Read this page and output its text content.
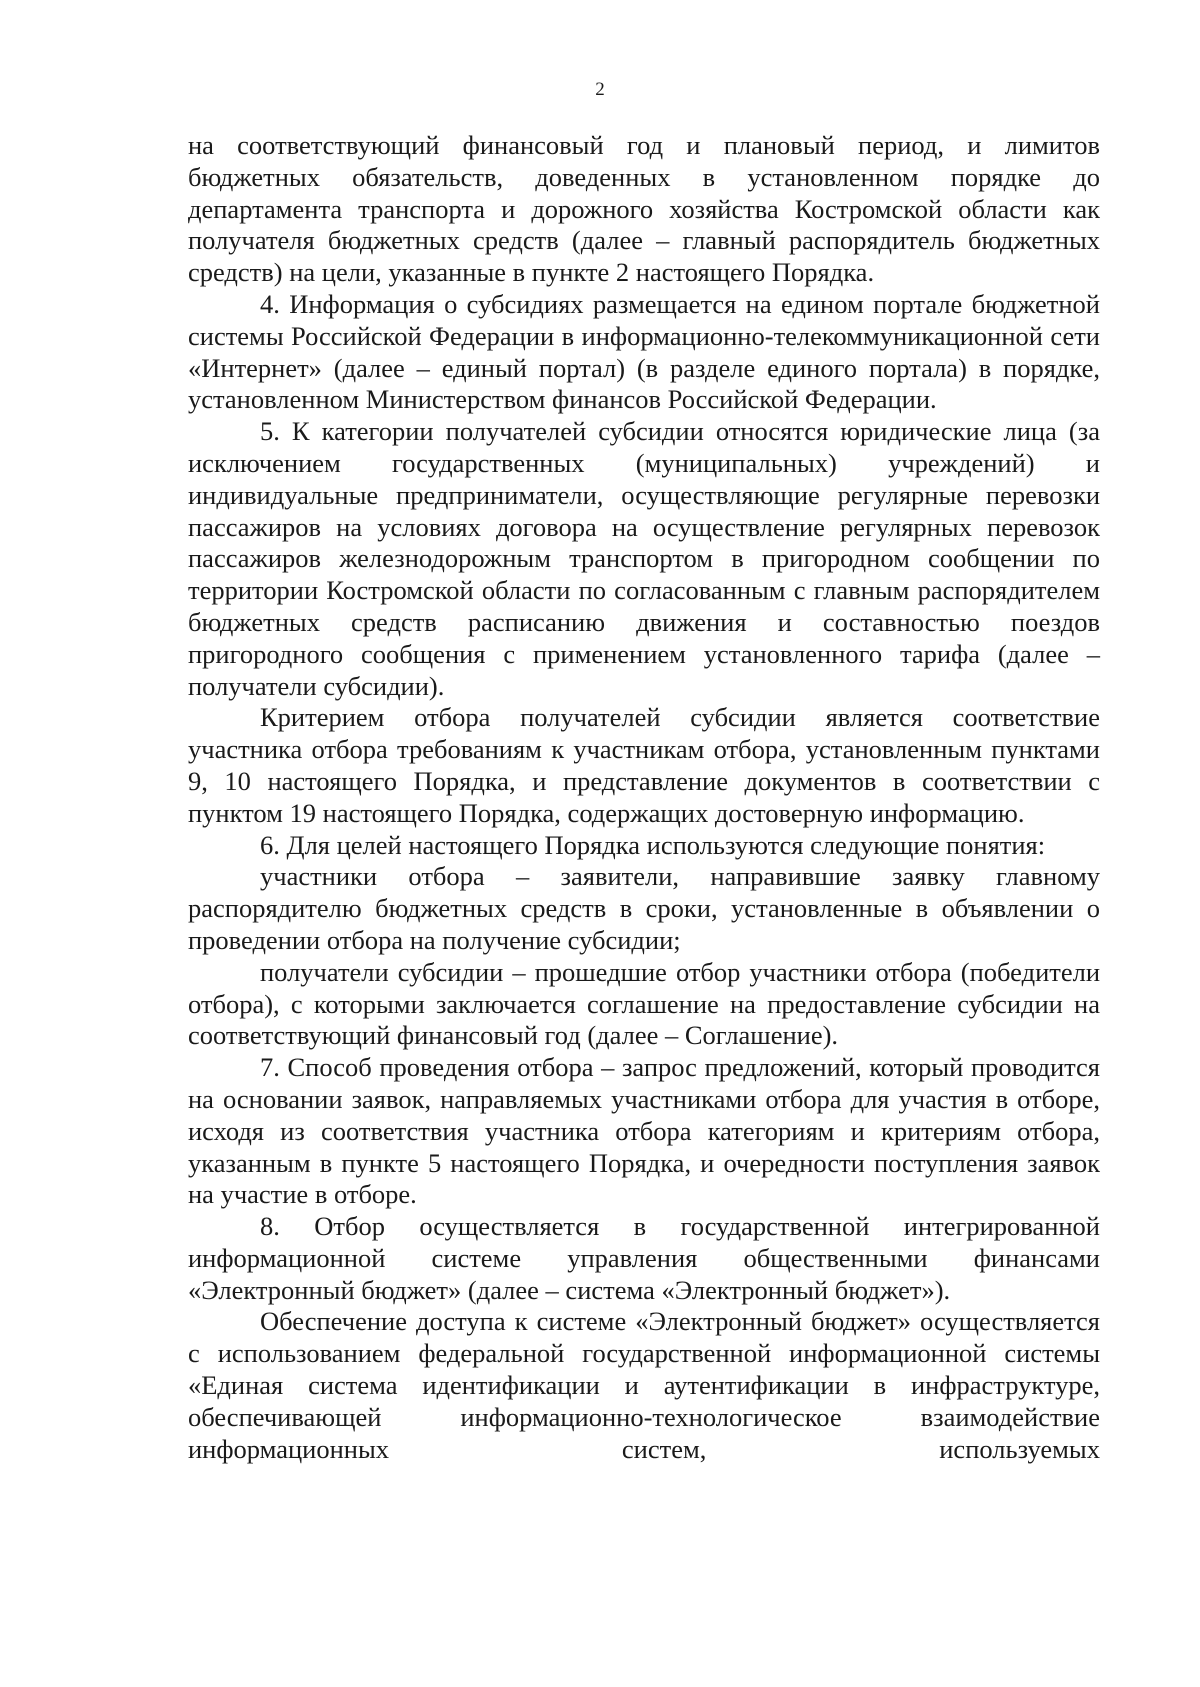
2

на соответствующий финансовый год и плановый период, и лимитов бюджетных обязательств, доведенных в установленном порядке до департамента транспорта и дорожного хозяйства Костромской области как получателя бюджетных средств (далее – главный распорядитель бюджетных средств) на цели, указанные в пункте 2 настоящего Порядка.

4. Информация о субсидиях размещается на едином портале бюджетной системы Российской Федерации в информационно-телекоммуникационной сети «Интернет» (далее – единый портал) (в разделе единого портала) в порядке, установленном Министерством финансов Российской Федерации.

5. К категории получателей субсидии относятся юридические лица (за исключением государственных (муниципальных) учреждений) и индивидуальные предприниматели, осуществляющие регулярные перевозки пассажиров на условиях договора на осуществление регулярных перевозок пассажиров железнодорожным транспортом в пригородном сообщении по территории Костромской области по согласованным с главным распорядителем бюджетных средств расписанию движения и составностью поездов пригородного сообщения с применением установленного тарифа (далее – получатели субсидии).

Критерием отбора получателей субсидии является соответствие участника отбора требованиям к участникам отбора, установленным пунктами 9, 10 настоящего Порядка, и представление документов в соответствии с пунктом 19 настоящего Порядка, содержащих достоверную информацию.

6. Для целей настоящего Порядка используются следующие понятия:

участники отбора – заявители, направившие заявку главному распорядителю бюджетных средств в сроки, установленные в объявлении о проведении отбора на получение субсидии;

получатели субсидии – прошедшие отбор участники отбора (победители отбора), с которыми заключается соглашение на предоставление субсидии на соответствующий финансовый год (далее – Соглашение).

7. Способ проведения отбора – запрос предложений, который проводится на основании заявок, направляемых участниками отбора для участия в отборе, исходя из соответствия участника отбора категориям и критериям отбора, указанным в пункте 5 настоящего Порядка, и очередности поступления заявок на участие в отборе.

8. Отбор осуществляется в государственной интегрированной информационной системе управления общественными финансами «Электронный бюджет» (далее – система «Электронный бюджет»).

Обеспечение доступа к системе «Электронный бюджет» осуществляется с использованием федеральной государственной информационной системы «Единая система идентификации и аутентификации в инфраструктуре, обеспечивающей информационно-технологическое взаимодействие информационных систем, используемых
